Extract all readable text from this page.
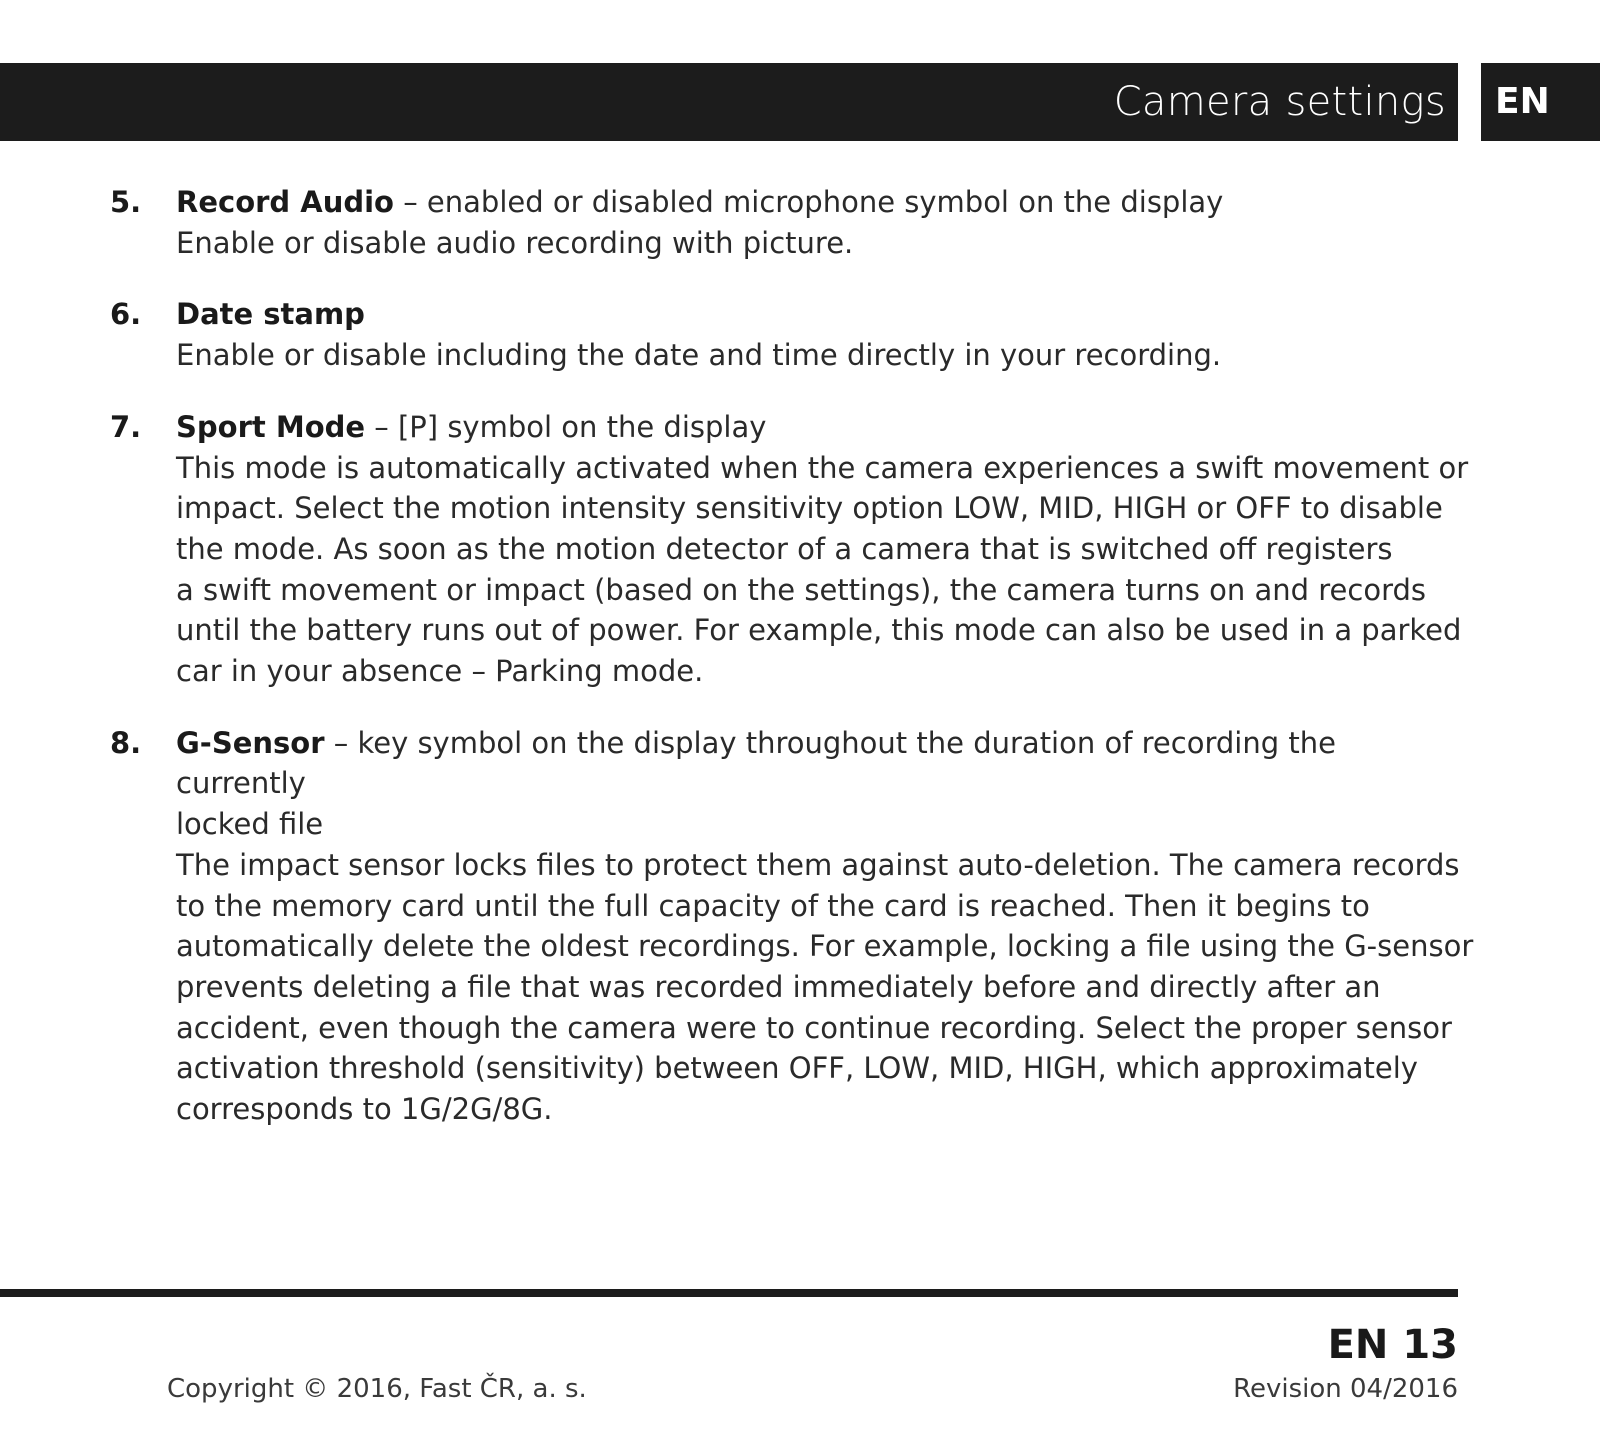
Camera settings EN
5. Record Audio – enabled or disabled microphone symbol on the display
Enable or disable audio recording with picture.
6. Date stamp
Enable or disable including the date and time directly in your recording.
7. Sport Mode – [P] symbol on the display
This mode is automatically activated when the camera experiences a swift movement or
impact. Select the motion intensity sensitivity option LOW, MID, HIGH or OFF to disable
the mode. As soon as the motion detector of a camera that is switched off registers
a swift movement or impact (based on the settings), the camera turns on and records
until the battery runs out of power. For example, this mode can also be used in a parked
car in your absence – Parking mode.
8. G-Sensor – key symbol on the display throughout the duration of recording the currently
locked file
The impact sensor locks files to protect them against auto-deletion. The camera records
to the memory card until the full capacity of the card is reached. Then it begins to
automatically delete the oldest recordings. For example, locking a file using the G-sensor
prevents deleting a file that was recorded immediately before and directly after an
accident, even though the camera were to continue recording. Select the proper sensor
activation threshold (sensitivity) between OFF, LOW, MID, HIGH, which approximately
corresponds to 1G/2G/8G.
EN 13
Copyright © 2016, Fast ČR, a. s.	Revision 04/2016
